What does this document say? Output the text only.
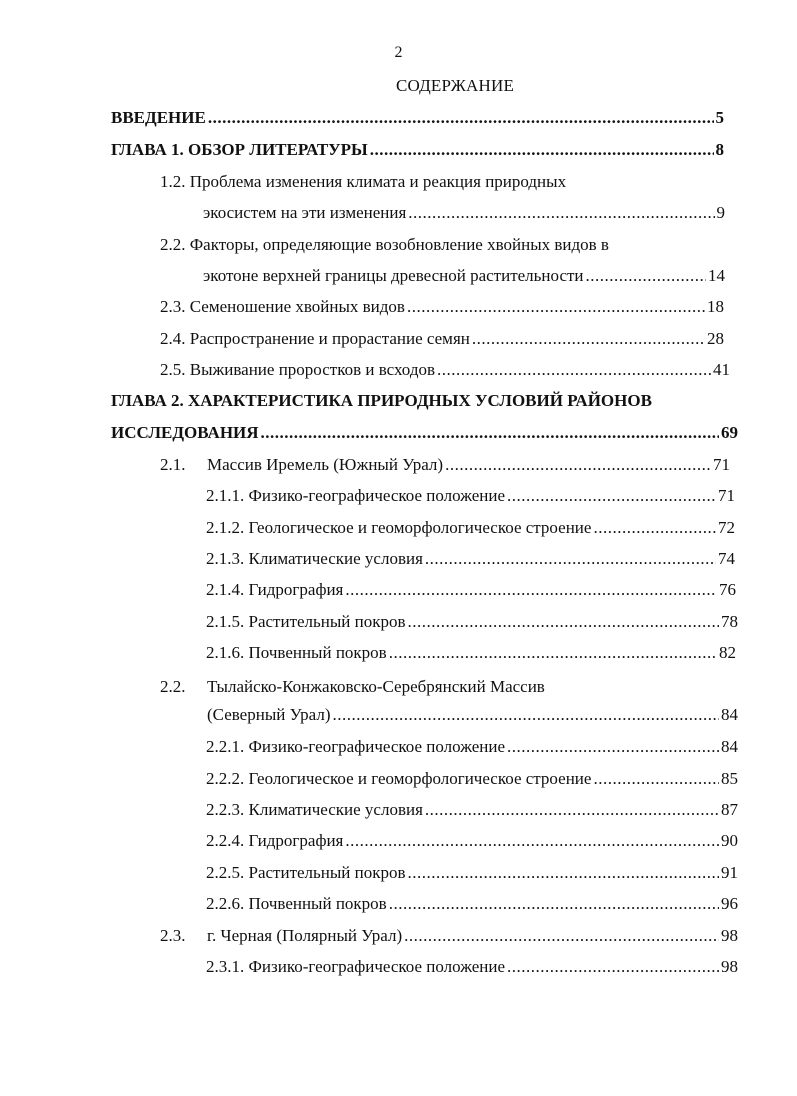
2
СОДЕРЖАНИЕ
ВВЕДЕНИЕ .....	5
ГЛАВА 1. ОБЗОР ЛИТЕРАТУРЫ .....	8
1.2. Проблема изменения климата и реакция природных
экосистем на эти изменения .....	9
2.2. Факторы, определяющие возобновление хвойных видов в
экотоне верхней границы древесной растительности .....	14
2.3. Семеношение хвойных видов .....	18
2.4. Распространение и прорастание семян .....	28
2.5. Выживание проростков и всходов .....	41
ГЛАВА 2. ХАРАКТЕРИСТИКА ПРИРОДНЫХ УСЛОВИЙ РАЙОНОВ
ИССЛЕДОВАНИЯ .....	69
2.1.	Массив Иремель (Южный Урал) .....	71
2.1.1. Физико-географическое положение .....	71
2.1.2. Геологическое и геоморфологическое строение .....	72
2.1.3. Климатические условия .....	74
2.1.4. Гидрография .....	76
2.1.5. Растительный покров .....	78
2.1.6. Почвенный покров .....	82
2.2.	Тылайско-Конжаковско-Серебрянский Массив
(Северный Урал) .....	84
2.2.1. Физико-географическое положение .....	84
2.2.2. Геологическое и геоморфологическое строение .....	85
2.2.3. Климатические условия .....	87
2.2.4. Гидрография .....	90
2.2.5. Растительный покров .....	91
2.2.6. Почвенный покров .....	96
2.3.	г. Черная (Полярный Урал) .....	98
2.3.1. Физико-географическое положение .....	98
